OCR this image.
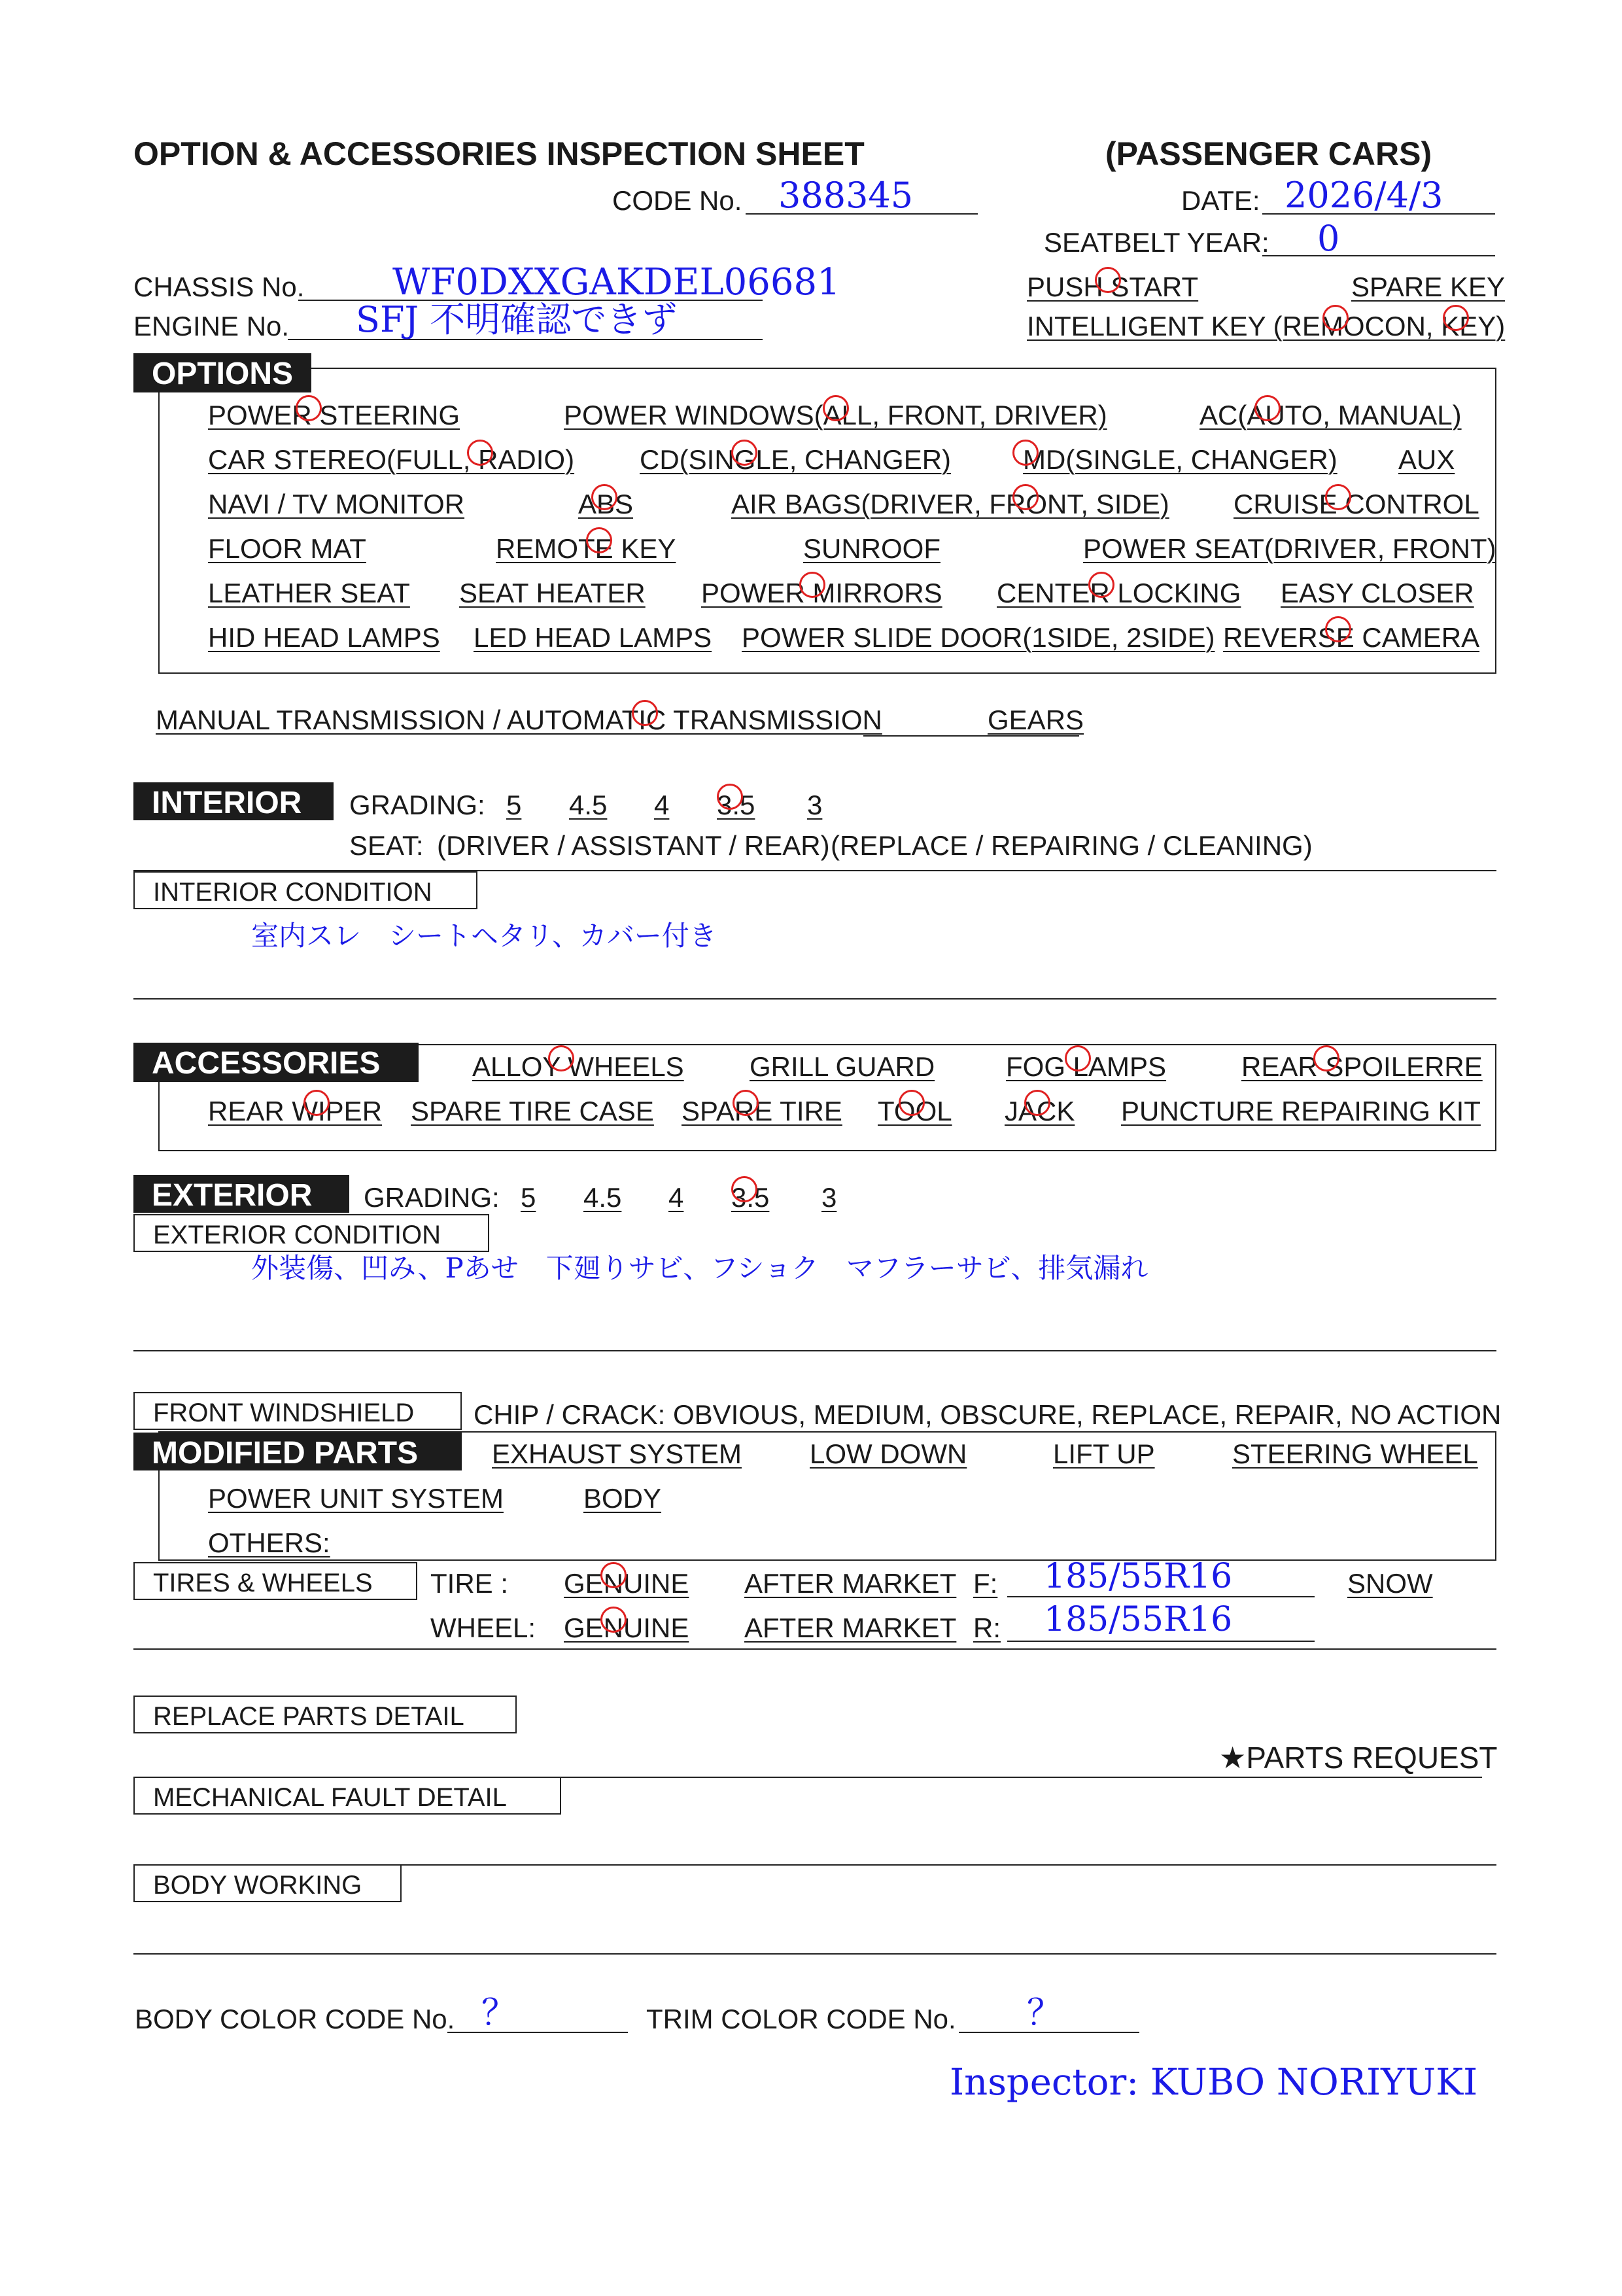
OPTION & ACCESSORIES INSPECTION SHEET	(PASSENGER CARS)
CODE No. 388345	DATE: 2026/4/3
SEATBELT YEAR: 0
CHASSIS No. WF0DXXGAKDEL06681
ENGINE No. SFJ 不明確認できず
PUSH START	SPARE KEY
INTELLIGENT KEY (REMOCON, KEY)
OPTIONS
POWER STEERING	POWER WINDOWS(ALL, FRONT, DRIVER)	AC(AUTO, MANUAL)
CAR STEREO(FULL, RADIO) CD(SINGLE, CHANGER)	MD(SINGLE, CHANGER) AUX
NAVI / TV MONITOR	ABS	AIR BAGS(DRIVER, FRONT, SIDE) CRUISE CONTROL
FLOOR MAT	REMOTE KEY	SUNROOF	POWER SEAT(DRIVER, FRONT)
LEATHER SEAT SEAT HEATER POWER MIRRORS CENTER LOCKING EASY CLOSER
HID HEAD LAMPS LED HEAD LAMPS POWER SLIDE DOOR(1SIDE, 2SIDE) REVERSE CAMERA
MANUAL TRANSMISSION / AUTOMATIC TRANSMISSION	GEARS
INTERIOR	GRADING: 5 4.5 4 3.5 3
SEAT: (DRIVER / ASSISTANT / REAR) (REPLACE / REPAIRING / CLEANING)
INTERIOR CONDITION
室内スレ　シートヘタリ、カバー付き
ACCESSORIES	ALLOY WHEELS GRILL GUARD	FOG LAMPS	REAR SPOILERRE
REAR WIPER SPARE TIRE CASE SPARE TIRE TOOL JACK PUNCTURE REPAIRING KIT
EXTERIOR	GRADING: 5 4.5 4 3.5 3
EXTERIOR CONDITION
外装傷、凹み、Pあせ　下廻りサビ、フショク　マフラーサビ、排気漏れ
FRONT WINDSHIELD	CHIP / CRACK: OBVIOUS, MEDIUM, OBSCURE, REPLACE, REPAIR, NO ACTION
MODIFIED PARTS	EXHAUST SYSTEM LOW DOWN	LIFT UP	STEERING WHEEL
POWER UNIT SYSTEM	BODY
OTHERS:
TIRES & WHEELS	TIRE : GENUINE AFTER MARKET F: 185/55R16	SNOW
WHEEL: GENUINE AFTER MARKET R: 185/55R16
REPLACE PARTS DETAIL
★PARTS REQUEST
MECHANICAL FAULT DETAIL
BODY WORKING
BODY COLOR CODE No. ？	TRIM COLOR CODE No. ？
Inspector: KUBO NORIYUKI
